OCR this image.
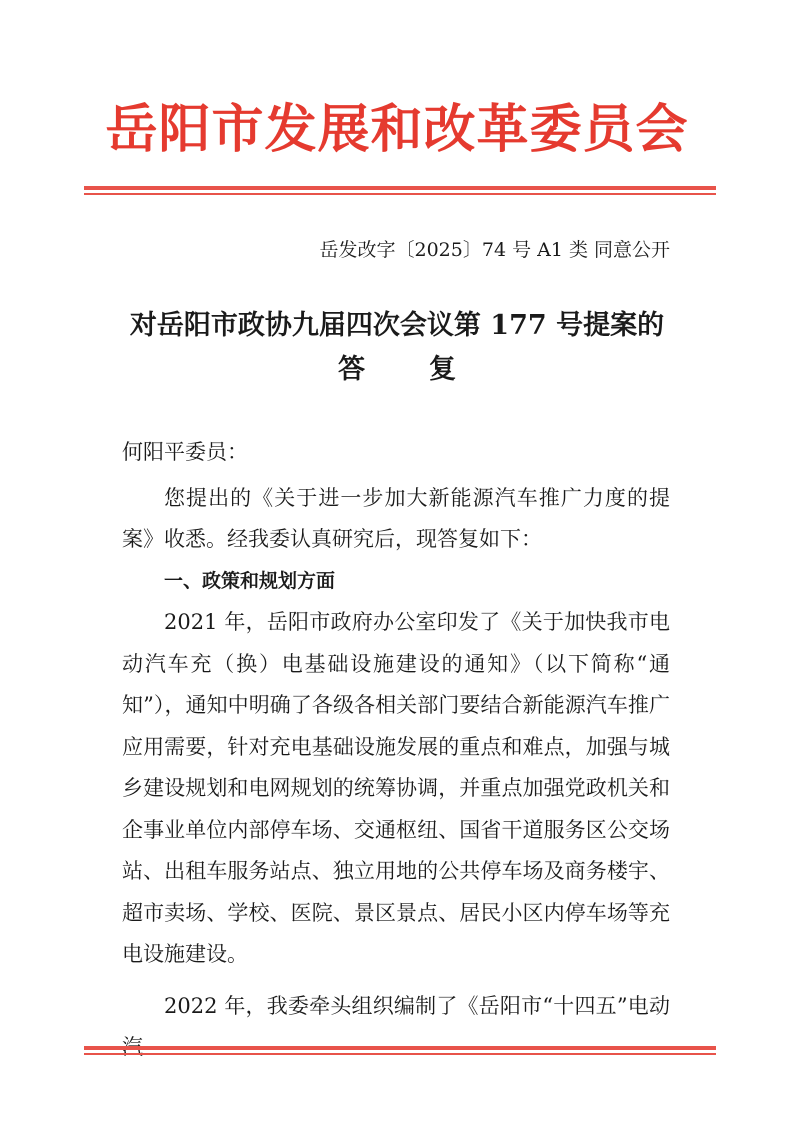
岳阳市发展和改革委员会
岳发改字〔2025〕74 号 A1 类 同意公开
对岳阳市政协九届四次会议第 177 号提案的
答复

何阳平委员：

您提出的《关于进一步加大新能源汽车推广力度的提案》收悉。经我委认真研究后，现答复如下：

一、政策和规划方面

2021 年，岳阳市政府办公室印发了《关于加快我市电动汽车充（换）电基础设施建设的通知》（以下简称“通知”），通知中明确了各级各相关部门要结合新能源汽车推广应用需要，针对充电基础设施发展的重点和难点，加强与城乡建设规划和电网规划的统筹协调，并重点加强党政机关和企事业单位内部停车场、交通枢纽、国省干道服务区公交场站、出租车服务站点、独立用地的公共停车场及商务楼宇、超市卖场、学校、医院、景区景点、居民小区内停车场等充电设施建设。

2022 年，我委牵头组织编制了《岳阳市“十四五”电动汽
